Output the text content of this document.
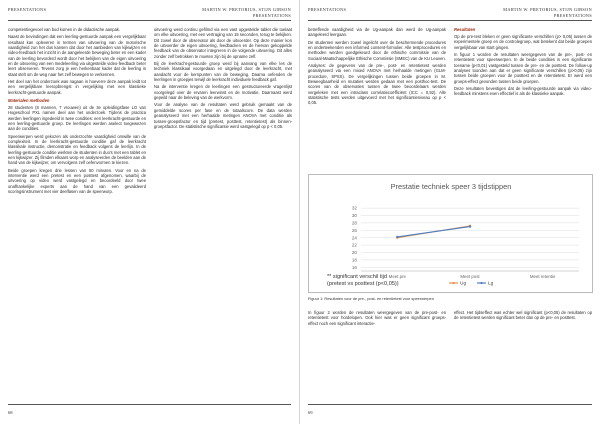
PRESENTATIONS	MARTIN W. PRETORIUS, STIJN GIBSON
PRESENTATIONS

competentiegevoel van bod komen in de didactische aanpak.

Naast de bevindingen dat een leerling-gestuurde aanpak een vergelijkbaar resultaat kan opleveren in termen van uitvoering van de motorische vaardigheid zun het dus kansen dat door het aanbieden van kijkwijzen en video-feedback het inzicht in de aangeleerde beweging beter en een kader van de leerling bevorderd wordt door het bekijken van de eigen uitvoering en de uitvoering van een medeleerling via uitgestelde video-feedback beter leert observeren. Tevens zorg je een herkenbaar kader dat de leerling in staat stelt om de weg naar het zelf bewegen te verkennen.

Het doel van het onderzoek was nagaan in hoeverre deze aanpak leidt tot een vergelijkbare leeropbrengst in vergelijking met een klassieke leerkracht-gestuurde aanpak.

Materialen methoden

28 studenten (8 mannen, 7 vrouwen) uit de 3e opleidingsfase LO van Hogeschool PXL namen deel aan het onderzoek. Tijdens de practica werden leerlingen ingedeeld in twee condities: een leerkracht-gestuurde en een leerling-gestuurde groep. De leerlingen werden aselect toegewezen aan de condities.

Speerwerpen werd gekozen als onderzochte vaardigheid omwille van de complexiteit. In de leerkracht-gestuurde conditie gaf de leerkracht klassikale instructie, demonstratie en feedback volgens de leerlijn. In de leerling-gestuurde conditie werkten de studenten in duo's met een tablet en een kijkwijzer. Zij filmden elkaars worp en analyseerden de beelden aan de hand van de kijkwijzer, om vervolgens zelf oefenvormen te kiezen.

Beide groepen kregen drie lessen van 50 minuten. Voor en na de interventie werd een pretest en een posttest afgenomen, waarbij de uitvoering op video werd vastgelegd en beoordeeld door twee onafhankelijke experts aan de hand van een gevalideerd scoringsinstrument met vier deelfasen van de speerworp.

uitvoering werd continu gefilmd via een vast opgestelde tablet die toelaat om elke uitvoering, met een vertraging van 15 seconden, terug te bekijken. Dit zowel door de observator als door de uitvoerder. Op deze manier kon de uitvoerder de eigen uitvoering, feedbacken en de hiervan gekoppelde feedback van de observator integreren in de volgende uitvoering. Dit alles zonder zelf betrokken te moeten zijn bij de opname zelf.

Bij de leerkracht-gestuurde groep werd bij aanvang van elke les de techniek klassikaal voorgedaan en uitgelegd door de leerkracht, met aandacht voor de kernpunten van de beweging. Daarna oefenden de leerlingen in groepjes terwijl de leerkracht individuele feedback gaf.

Na de interventie kregen de leerlingen een gestructureerde vragenlijst voorgelegd over de ervaren leerwinst en de motivatie. Daarnaast werd gepeild naar de beleving van de werkvorm.

Voor de analyse van de resultaten werd gebruik gemaakt van de gemiddelde scores per fase en de totaalscore. De data werden geanalyseerd met een herhaalde metingen ANOVA met conditie als tussen-groepsfactor en tijd (pretest, posttest, retentietest) als binnen-groepsfactor. De statistische significantie werd vastgelegd op p < 0,05.

68
PRESENTATIONS	MARTIN W. PRETORIUS, STIJN GIBSON
PRESENTATIONS

betreffende vaardigheid via de Ug-aanpak dan werd de Ug-aanpak aangeleerd leergaan.

De studenten werden zowel ingelicht over de beschermende procedures en onderteekenden een informed consent-formulier. Alle testprocedures en methoden werden goedgekeurd door de ethische commissie van de Sociaal-Maatschappelijke Ethische Commissie (SMEC) van de KU Leuven.

Analyses: de gegevens van de pre-, post- en retentietest werden geanalyseerd via een mixed ANOVA met herhaalde metingen (GLM-procedure, SPSS). De vergelijkingen tussen beide groepen in M. Beweegbaarheid en mutaties werden gedaan met een posthoc-test. De scores van de observaties tussen de twee beoordelaars werden vergeleken met een intraclass correlatiecoëfficiënt (ICC = 0,92). Alle statistische tests werden uitgevoerd met het significantieniveau op p < 0,05.

Resultaten

Op de pre-test bleken er geen significante verschillen (p> 0,05) tussen de experimentele groep en de controlegroep, wat betekent dat beide groepen vergelijkbaar van start gingen.

In figuur 1 worden de resultaten weergegeven van de pre-, post- en retentietest voor speerwerpen. In de beide condities is een significante toename (p<0,01) vastgesteld tussen de pre- en de posttest. De follow-up analyses toonden aan dat er geen significante verschillen (p>0,05) zijn tussen beide groepen voor de posttest en de retentietest. Er werd een groeps-effect gevonden tussen beide groepen.

Deze resultaten bevestigen dat de leerling-gestuurde aanpak via video-feedback minstens even effectief is als de klassieke aanpak.

Prestatie techniek speer 3 tijdstippen
16
18
20
22
24
26
28
30
32
Meet pre	Meet post	Meet retentie
** significant verschil tijd
(pretest vs posttest (p<0,05))	Ug	Lg
Figuur 1: Resultaten voor de pre-, post- en retentietest voor speerwerpen

In figuur 2 worden de resultaten weergegeven van de pre-post- en retentietest voor hordelopen. Ook hier was er geen significant groeps-effect noch een significant interactie-

effect. Het tijdseffect was echter wel significant (p<0,05) de resultaten op de retentietest werden significant beter dan op de pre- en posttest.

69
